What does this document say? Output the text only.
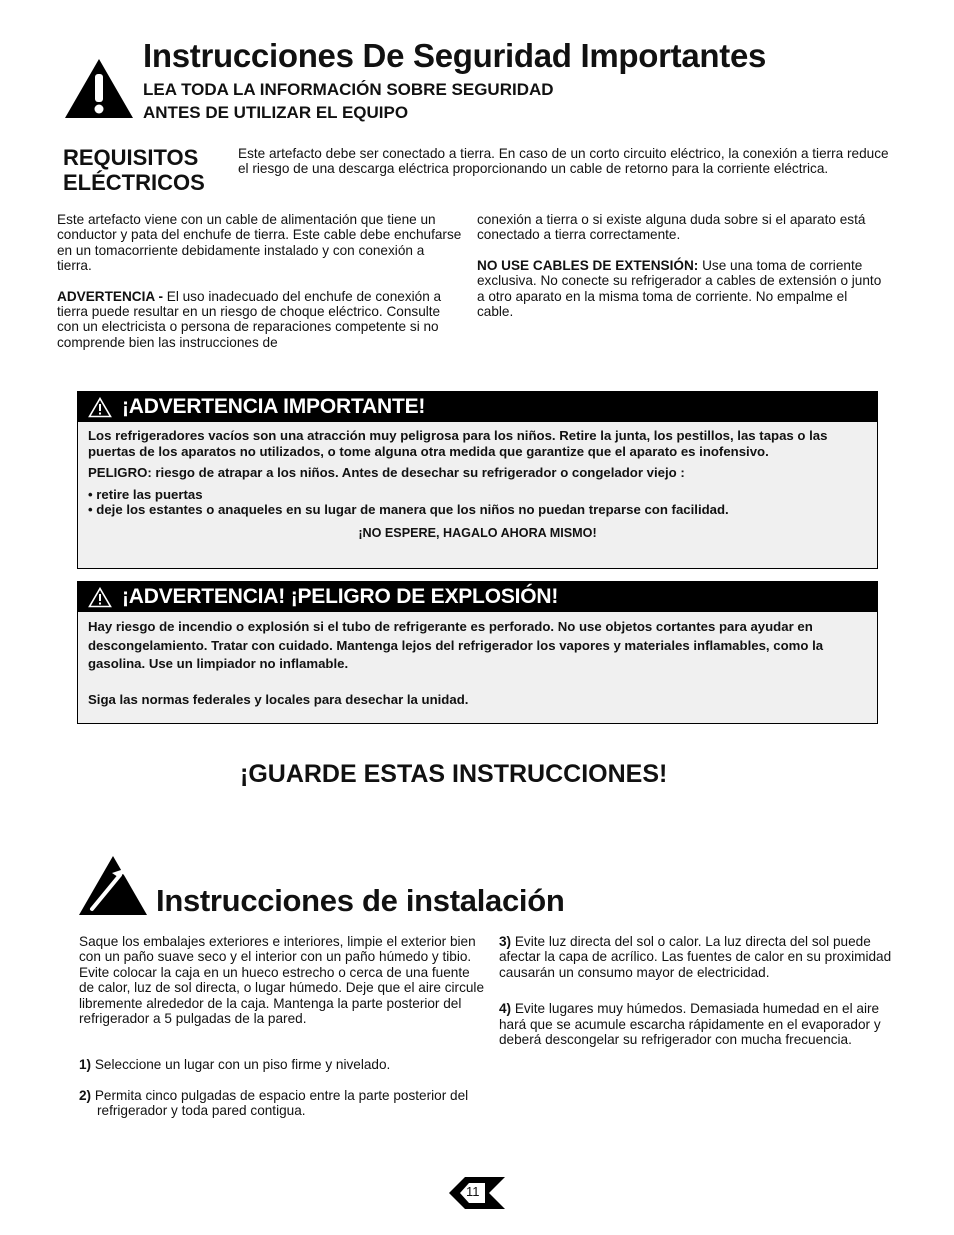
Instrucciones De Seguridad Importantes
LEA TODA LA INFORMACIÓN SOBRE SEGURIDAD
ANTES DE UTILIZAR EL EQUIPO
REQUISITOS
ELÉCTRICOS
Este artefacto debe ser conectado a tierra. En caso de un corto circuito eléctrico, la conexión a tierra reduce el riesgo de una descarga eléctrica proporcionando un cable de retorno para la corriente eléctrica.

Este artefacto viene con un cable de alimentación que tiene un conductor y pata del enchufe de tierra. Este cable debe enchufarse en un tomacorriente debidamente instalado y con conexión a tierra.

ADVERTENCIA - El uso inadecuado del enchufe de conexión a tierra puede resultar en un riesgo de choque eléctrico. Consulte con un electricista o persona de reparaciones competente si no comprende bien las instrucciones de

conexión a tierra o si existe alguna duda sobre si el aparato está conectado a tierra correctamente.

NO USE CABLES DE EXTENSIÓN: Use una toma de corriente exclusiva. No conecte su refrigerador a cables de extensión o junto a otro aparato en la misma toma de corriente. No empalme el cable.

¡ADVERTENCIA IMPORTANTE!

Los refrigeradores vacíos son una atracción muy peligrosa para los niños. Retire la junta, los pestillos, las tapas o las puertas de los aparatos no utilizados, o tome alguna otra medida que garantize que el aparato es inofensivo.

PELIGRO: riesgo de atrapar a los niños. Antes de desechar su refrigerador o congelador viejo :

• retire las puertas

• deje los estantes o anaqueles en su lugar de manera que los niños no puedan treparse con facilidad.

¡NO ESPERE, HAGALO AHORA MISMO!

¡ADVERTENCIA! ¡PELIGRO DE EXPLOSIÓN!

Hay riesgo de incendio o explosión si el tubo de refrigerante es perforado. No use objetos cortantes para ayudar en descongelamiento. Tratar con cuidado. Mantenga lejos del refrigerador los vapores y materiales inflamables, como la gasolina. Use un limpiador no inflamable.

Siga las normas federales y locales para desechar la unidad.

¡GUARDE ESTAS INSTRUCCIONES!
Instrucciones de instalación

Saque los embalajes exteriores e interiores, limpie el exterior bien con un paño suave seco y el interior con un paño húmedo y tibio. Evite colocar la caja en un hueco estrecho o cerca de una fuente de calor, luz de sol directa, o lugar húmedo. Deje que el aire circule libremente alrededor de la caja. Mantenga la parte posterior del refrigerador a 5 pulgadas de la pared.

1) Seleccione un lugar con un piso firme y nivelado.

2) Permita cinco pulgadas de espacio entre la parte posterior del refrigerador y toda pared contigua.

3) Evite luz directa del sol o calor. La luz directa del sol puede afectar la capa de acrílico. Las fuentes de calor en su proximidad causarán un consumo mayor de electricidad.

4) Evite lugares muy húmedos. Demasiada humedad en el aire hará que se acumule escarcha rápidamente en el evaporador y deberá descongelar su refrigerador con mucha frecuencia.

11
